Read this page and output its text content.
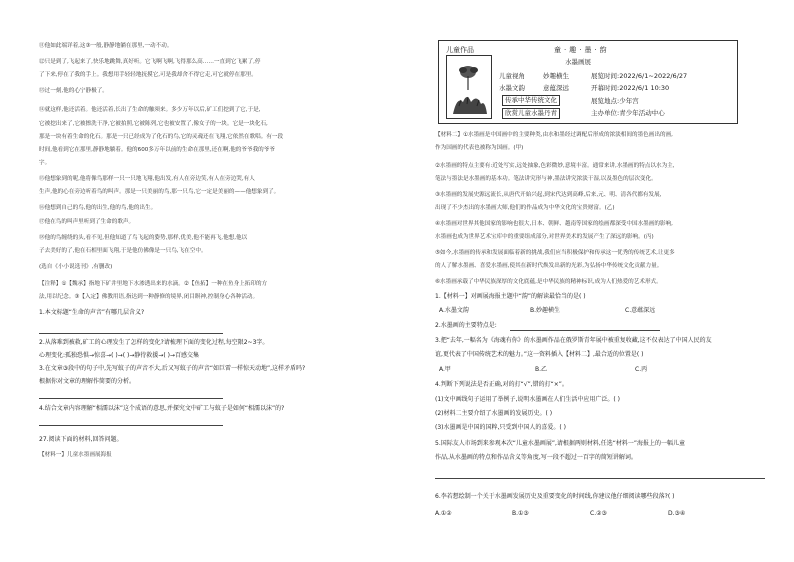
⑪他如此端详着,这③一般,静静地躺在那里,一动不动。
⑫只是到了,飞起来了,快乐地跳舞,真好听。它飞啊飞啊,飞得那么高……一直到它飞累了,停
了下来,停在了我的手上。我想用手轻轻地抚摸它,可是我却舍不得它走,可它就停在那里。
⑬过一刻,他的心宁静极了。
⑭就这样,他还活着。他还活着,长出了生命的触须来。多少万年以后,矿工们挖到了它,于是,
它被挖出来了,它被擦洗干净,它被拍照,它被陈列,它也被安置了,像女子的一块。它是一块化石,
那是一块有着生命的化石。那是一只已经成为了化石的鸟,它的灵魂还在飞翔,它依然在歌唱。有一段
时间,他看到它在那里,静静地躺着。他的600多万年以前的生命在那里,还在啊,他的爷爷我的爷爷
字。
⑮他想象到的呢,他将像鸟那样一只一只地飞翔,他出发,有人在旁边笑,有人在旁边哭,有人
生声,他的心在旁边听着鸟的叫声。那是一只美丽的鸟,那一只鸟,它一定是美丽的——他想象到了。
⑯他想到自己的鸟,他的出生,他的鸟,他的出生。
⑰他在鸟的叫声里听到了生命的歌声。
⑱他的鸟缠绕的头,看不见,但他知道了鸟飞起的姿势,那样,优美,他不能再飞,他想,他以
子去美好的了,他在石相里面飞翔,于是他仿佛像是一只鸟,飞在空中。
(选自《小小说选刊》,有删改)
【注释】①【魏承】指地下矿井里地下水渗透出来的水滴。②【鱼拓】一种在鱼身上拓印的方
法,用以纪念。③【入定】佛教用语,指达到一种静修的境界,闭目瞑神,控制身心各种活动。
1.本文标题“生命的声音”有哪几层含义?
2.从落难到被救,矿工的心理发生了怎样的变化?请梳理下面的变化过程,每空限2~3字。
心理变化:孤独恐惧→惊喜→( )→( )→静待救援→( )→百感交集
3.在文章③段中的句子中,先写蚊子的声音不大,后又写蚊子的声音“如巨雷一样惊天动地”,这样矛盾吗?
根据你对文章的理解作简要的分析。
4.结合文章内容理解“相濡以沫”这个成语的意思,并探究文中矿工与蚊子是如何“相濡以沫”的?
27.阅读下面的材料,回答问题。
【材料一】儿童水墨画展海报
儿童作品	童·趣·墨·韵
水墨画展
儿童视角	妙趣横生
水墨文韵	意蕴深远
传承中华传统文化
欣赏儿童水墨丹青
展览时间:2022/6/1~2022/6/27
开幕时间:2022/6/1 10:30
展览地点:少年宫
主办单位:青少年活动中心
【材料二】①水墨画是中国画中的主要种类,由水和墨经过调配后形成的浓淡相间的墨色画出的画,
作为国画的代表也被称为国画。(甲)
②水墨画的特点主要有:近处写实,远处抽象,色彩微妙,意境丰富。通常来讲,水墨画的特点以水为主,
笔法与墨法是水墨画的基本功。笔法讲究形与神,墨法讲究浓淡干湿,以及墨色的层次变化。
③水墨画的发展史源远流长,从唐代开始兴起,到宋代达到高峰,后来,元、明、清各代都有发展,
出现了不少杰出的水墨画大师,他们的作品成为中华文化的宝贵财富。(乙)
④水墨画对世界其他国家的影响也很大,日本、朝鲜、越南等国家的绘画都深受中国水墨画的影响,
水墨画也成为世界艺术宝库中的重要组成部分,对世界美术的发展产生了深远的影响。(丙)
⑤如今,水墨画的传承和发展面临着新的挑战,我们应当积极保护和传承这一优秀的传统艺术,让更多
的人了解水墨画、喜爱水墨画,使其在新时代焕发出新的光彩,为弘扬中华传统文化贡献力量。
⑥水墨画承载了中华民族深厚的文化底蕴,是中华民族的精神标识,成为人们热爱的艺术形式。
1.【材料一】对画展海报主题中“韵”的解读最恰当的是( )
A.水墨文韵	B.妙趣横生	C.意蕴深远
2.水墨画的主要特点是:
3.把“去年,一幅名为《海魂有你》的水墨画作品在俄罗斯青年展中被重复收藏,这不仅表达了中国人民的友
谊,更代表了中国传统艺术的魅力。”这一资料插入【材料二】,最合适的位置是( )
A.甲	B.乙	C.丙
4.判断下列说法是否正确,对的打“√”,错的打“×”。
(1)文中画线句子运用了举例子,说明水墨画在人们生活中应用广泛。( )
(2)材料二主要介绍了水墨画的发展历史。( )
(3)水墨画是中国的国粹,只受到中国人的喜爱。( )
5.国际友人市场到来参观本次“儿童水墨画展”,请根据两则材料,任选“材料一”海报上的一幅儿童
作品,从水墨画的特点和作品含义等角度,写一段不超过一百字的简短讲解词。
6.李若想绘制一个关于水墨画发展历史及重要变化的时间线,你建议他仔细阅读哪些段落?( )
A.①②	B.①③	C.②③	D.③④
